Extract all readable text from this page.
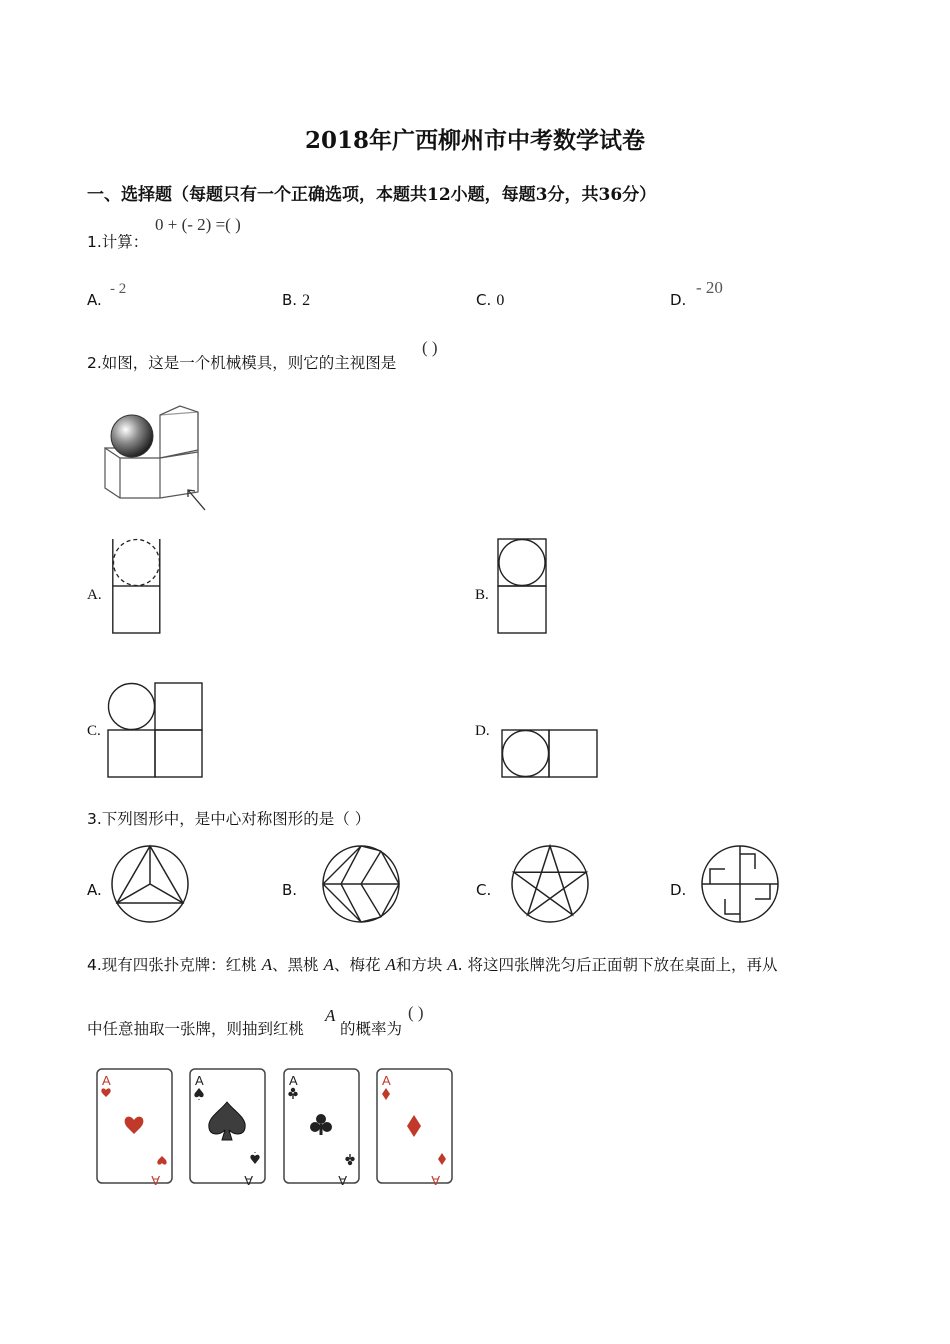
2018年广西柳州市中考数学试卷
一、选择题（每题只有一个正确选项，本题共12小题，每题3分，共36分）
1.计算：
0 + (- 2) =( )
A.
- 2
B. 2	C. 0	D.
- 20
2.如图，这是一个机械模具，则它的主视图是
( )
A.	B.
C.	D.
3.下列图形中，是中心对称图形的是（ ）
A.	B.	C.	D.
4.现有四张扑克牌：红桃 A、黑桃 A、梅花 A和方块 A. 将这四张牌洗匀后正面朝下放在桌面上，再从
中任意抽取一张牌，则抽到红桃
A
的概率为
( )
A
A
A
A
A
A
A
A
